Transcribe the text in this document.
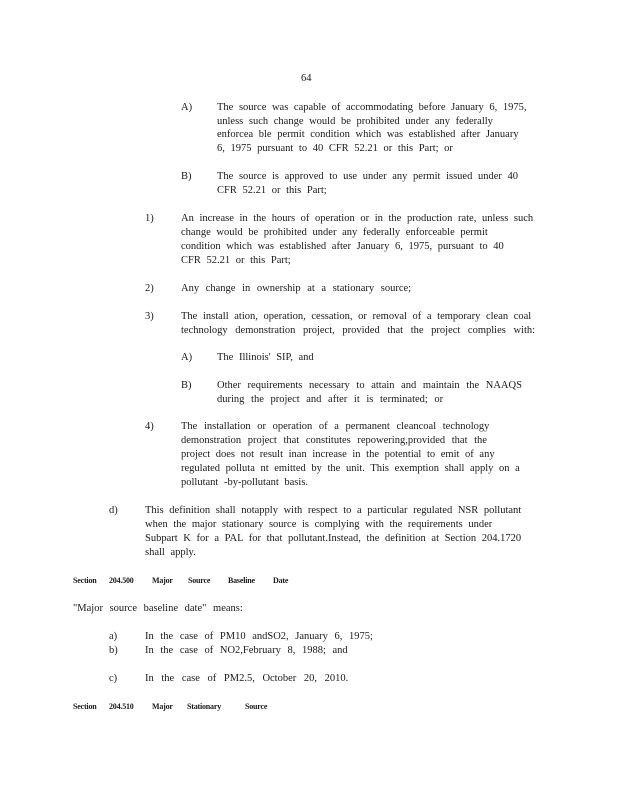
64
A) The source was capable of accommodating before January 6, 1975,
unless such change would be prohibited under any federally
enforcea ble permit condition which was established after January
6, 1975 pursuant to 40 CFR 52.21 or this Part; or
B) The source is approved to use under any permit issued under 40
CFR 52.21 or this Part;
1)	An increase in the hours of operation or in the production rate, unless such
change would be prohibited under any federally enforceable permit
condition which was established after January 6, 1975, pursuant to 40
CFR 52.21 or this Part;
2)	Any change in ownership at a stationary source;
3)	The install ation, operation, cessation, or removal of a temporary clean coal
technology demonstration project, provided that the project complies with:
A) The Illinois' SIP, and
B) Other requirements necessary to attain and maintain the NAAQS
during the project and after it is terminated; or
4)	The installation or operation of a permanent cleancoal technology
demonstration project that constitutes repowering,provided that the
project does not result inan increase in the potential to emit of any
regulated polluta nt emitted by the unit. This exemption shall apply on a
pollutant -by-pollutant basis.
d)	This definition shall notapply with respect to a particular regulated NSR pollutant
when the major stationary source is complying with the requirements under
Subpart K for a PAL for that pollutant.Instead, the definition at Section 204.1720
shall apply.
Section 204.500 Major Source Baseline Date
"Major source baseline date" means:
a)	In the case of PM10 andSO2, January 6, 1975;
b)	In the case of NO2,February 8, 1988; and
c)	In the case of PM2.5, October 20, 2010.
Section 204.510 Major Stationary	Source
